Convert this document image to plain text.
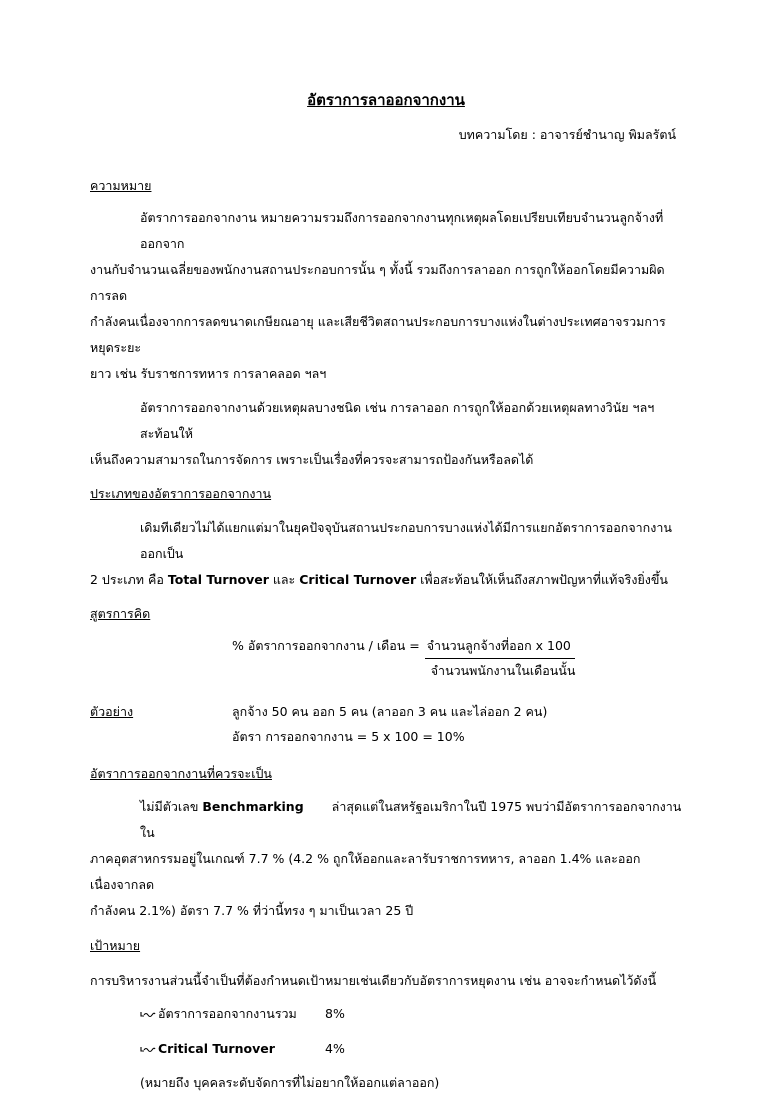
อัตราการลาออกจากงาน
บทความโดย : อาจารย์ชำนาญ พิมลรัตน์
ความหมาย
อัตราการออกจากงาน หมายความรวมถึงการออกจากงานทุกเหตุผลโดยเปรียบเทียบจำนวนลูกจ้างที่ออกจาก
งานกับจำนวนเฉลี่ยของพนักงานสถานประกอบการนั้น ๆ ทั้งนี้ รวมถึงการลาออก การถูกให้ออกโดยมีความผิด การลด
กำลังคนเนื่องจากการลดขนาดเกษียณอายุ และเสียชีวิตสถานประกอบการบางแห่งในต่างประเทศอาจรวมการหยุดระยะ
ยาว เช่น รับราชการทหาร การลาคลอด ฯลฯ
อัตราการออกจากงานด้วยเหตุผลบางชนิด เช่น การลาออก การถูกให้ออกด้วยเหตุผลทางวินัย ฯลฯ สะท้อนให้
เห็นถึงความสามารถในการจัดการ เพราะเป็นเรื่องที่ควรจะสามารถป้องกันหรือลดได้
ประเภทของอัตราการออกจากงาน
เดิมทีเดียวไม่ได้แยกแต่มาในยุคปัจจุบันสถานประกอบการบางแห่งได้มีการแยกอัตราการออกจากงานออกเป็น
2 ประเภท คือ Total Turnover และ Critical Turnover เพื่อสะท้อนให้เห็นถึงสภาพปัญหาที่แท้จริงยิ่งขึ้น
สูตรการคิด
% อัตราการออกจากงาน / เดือน = $\frac{\text{จำนวนลูกจ้างที่ออก x 100}}{\text{จำนวนพนักงานในเดือนนั้น}}$
ตัวอย่าง	ลูกจ้าง 50 คน ออก 5 คน (ลาออก 3 คน และไล่ออก 2 คน)
อัตรา การออกจากงาน = 5 x 100 = 10%
อัตราการออกจากงานที่ควรจะเป็น
ไม่มีตัวเลข Benchmarking ล่าสุดแต่ในสหรัฐอเมริกาในปี 1975 พบว่ามีอัตราการออกจากงานใน
ภาคอุตสาหกรรมอยู่ในเกณฑ์ 7.7 % (4.2 % ถูกให้ออกและลารับราชการทหาร, ลาออก 1.4% และออกเนื่องจากลด
กำลังคน 2.1%) อัตรา 7.7 % ที่ว่านี้ทรง ๆ มาเป็นเวลา 25 ปี
เป้าหมาย
การบริหารงานส่วนนี้จำเป็นที่ต้องกำหนดเป้าหมายเช่นเดียวกับอัตราการหยุดงาน เช่น อาจจะกำหนดไว้ดังนี้
อัตราการออกจากงานรวม	8%
Critical Turnover	4%
(หมายถึง บุคคลระดับจัดการที่ไม่อยากให้ออกแต่ลาออก)
